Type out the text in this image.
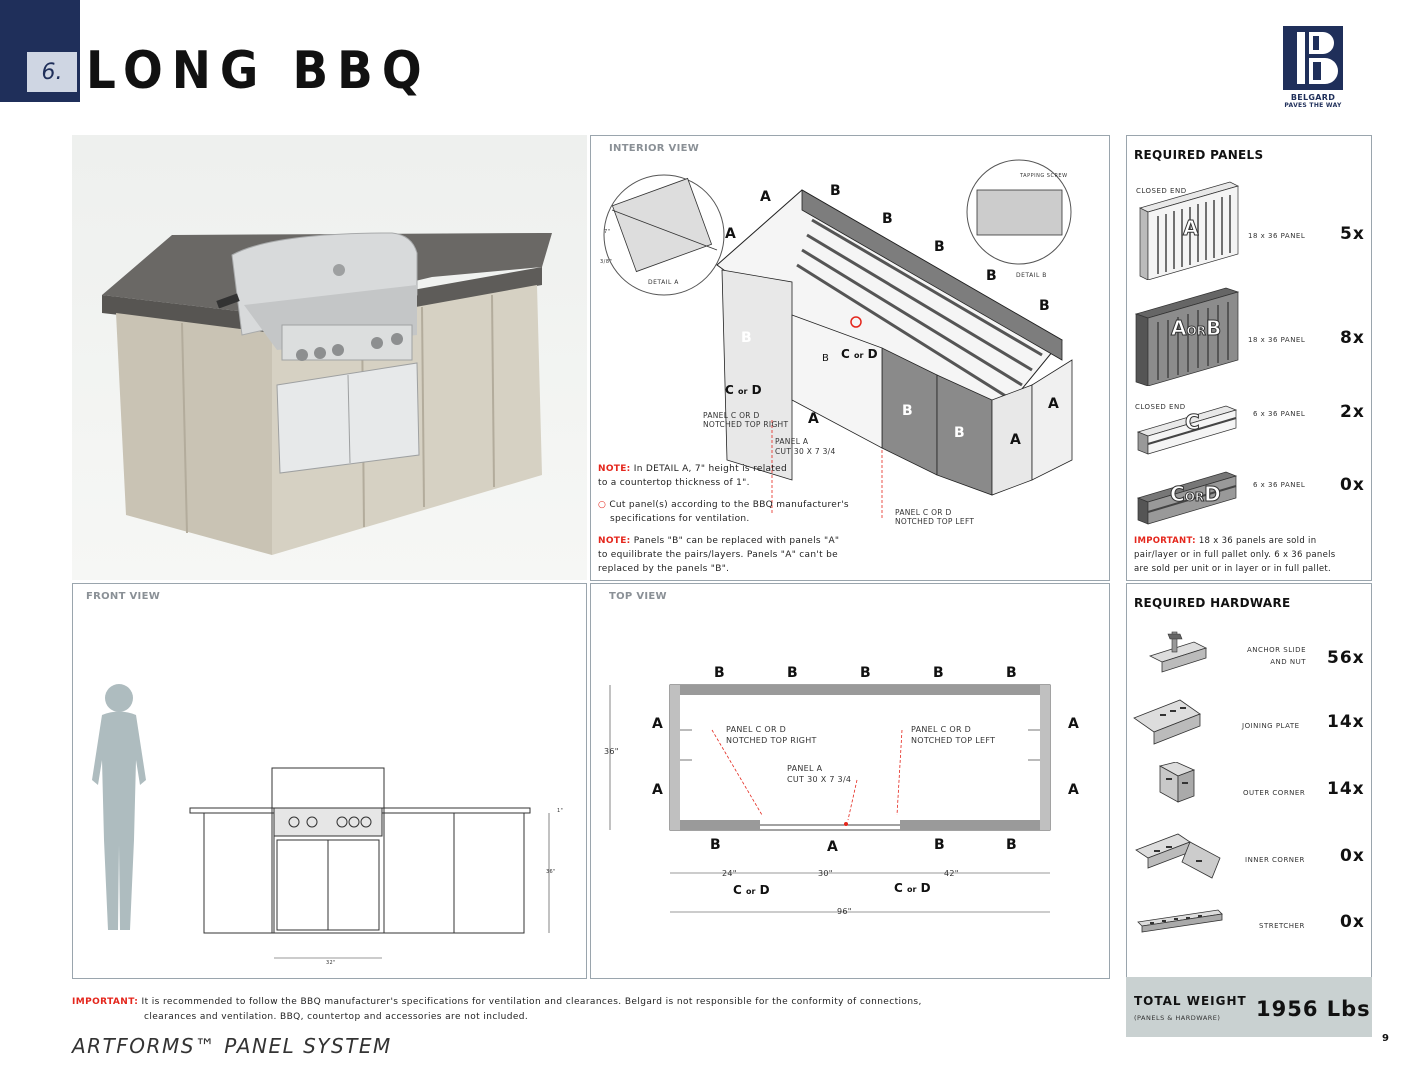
6. LONG BBQ	BELGARD
PAVES THE WAY
INTERIOR VIEW
TAPPING SCREW
DETAIL A
DETAIL B
7"
3/8"
A	B
A
B
B
B
B
B
A
A
B
B	A
C or D
B
C or D
PANEL C OR D
NOTCHED TOP RIGHT
PANEL A
CUT 30 X 7 3/4
PANEL C OR D
NOTCHED TOP LEFT
NOTE: In DETAIL A, 7" height is related
to a countertop thickness of 1".
○ Cut panel(s) according to the BBQ manufacturer's
specifications for ventilation.
NOTE: Panels "B" can be replaced with panels "A"
to equilibrate the pairs/layers. Panels "A" can't be
replaced by the panels "B".
FRONT VIEW
36"
32"
1"
TOP VIEW
B	B	B	B	B
A
A
A
A
B	A	B	B
36"
24"	30"	42"
96"
C or D	C or D
PANEL C OR D
NOTCHED TOP RIGHT
PANEL C OR D
NOTCHED TOP LEFT
PANEL A
CUT 30 X 7 3/4
REQUIRED PANELS
CLOSED END
A	18 x 36 PANEL 5x
AORB	18 x 36 PANEL 8x
CLOSED END
C	6 x 36 PANEL 2x
CORD	6 x 36 PANEL 0x
IMPORTANT: 18 x 36 panels are sold in
pair/layer or in full pallet only. 6 x 36 panels
are sold per unit or in layer or in full pallet.
REQUIRED HARDWARE
ANCHOR SLIDE
AND NUT 56x
JOINING PLATE 14x
OUTER CORNER 14x
INNER CORNER 0x
STRETCHER 0x
TOTAL WEIGHT
(PANELS & HARDWARE) 1956 Lbs
IMPORTANT: It is recommended to follow the BBQ manufacturer's specifications for ventilation and clearances. Belgard is not responsible for the conformity of connections,
clearances and ventilation. BBQ, countertop and accessories are not included.
ARTFORMS™ PANEL SYSTEM	9
